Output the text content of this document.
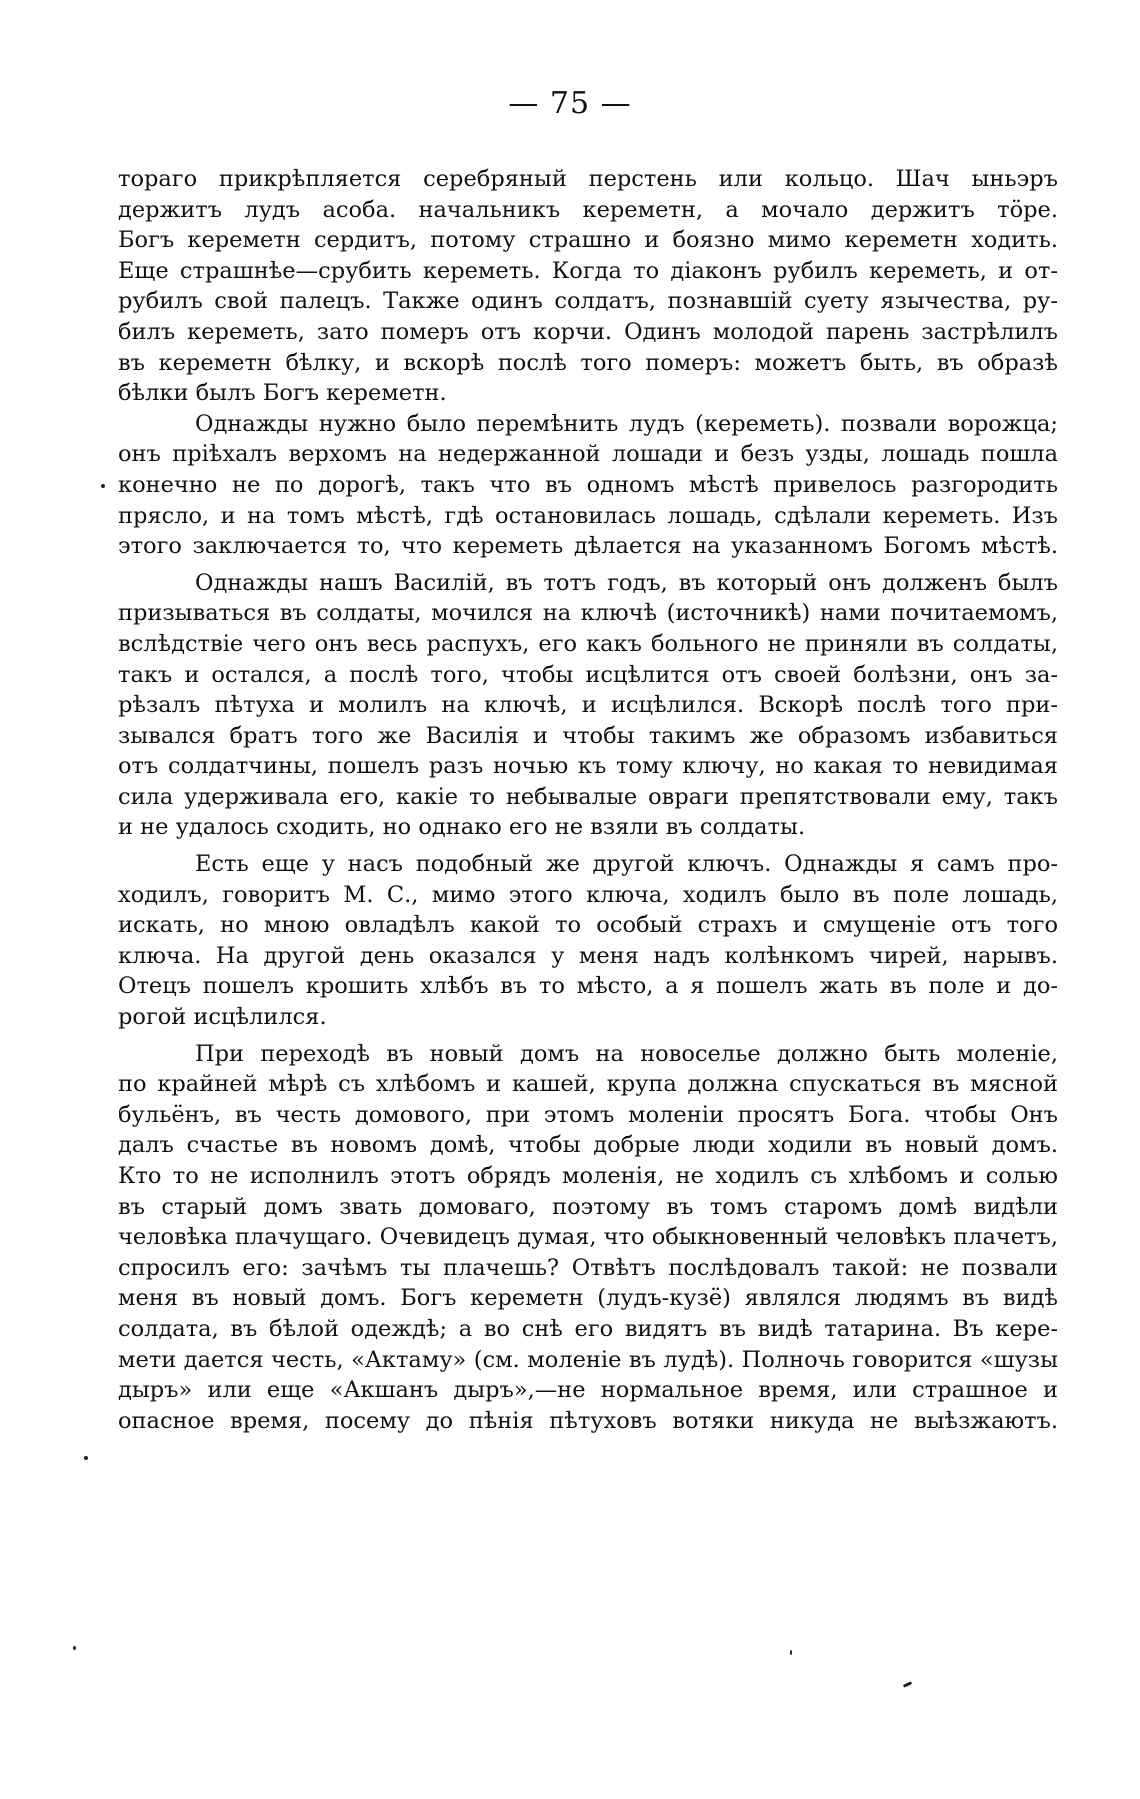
— 75 —
тораго прикрѣпляется серебряный перстень или кольцо. Шач ыньэръ
держитъ лудъ асоба. начальникъ кереметн, а мочало держитъ тӧре.
Богъ кереметн сердитъ, потому страшно и боязно мимо кереметн ходить.
Еще страшнѣе—срубить кереметь. Когда то діаконъ рубилъ кереметь, и от-
рубилъ свой палецъ. Также одинъ солдатъ, познавшій суету язычества, ру-
билъ кереметь, зато померъ отъ корчи. Одинъ молодой парень застрѣлилъ
въ кереметн бѣлку, и вскорѣ послѣ того померъ: можетъ быть, въ образѣ
бѣлки былъ Богъ кереметн.
Однажды нужно было перемѣнить лудъ (кереметь). позвали ворожца;
онъ пріѣхалъ верхомъ на недержанной лошади и безъ узды, лошадь пошла
конечно не по дорогѣ, такъ что въ одномъ мѣстѣ привелось разгородить
прясло, и на томъ мѣстѣ, гдѣ остановилась лошадь, сдѣлали кереметь. Изъ
этого заключается то, что кереметь дѣлается на указанномъ Богомъ мѣстѣ.
Однажды нашъ Василій, въ тотъ годъ, въ который онъ долженъ былъ
призываться въ солдаты, мочился на ключѣ (источникѣ) нами почитаемомъ,
вслѣдствіе чего онъ весь распухъ, его какъ больного не приняли въ солдаты,
такъ и остался, а послѣ того, чтобы исцѣлится отъ своей болѣзни, онъ за-
рѣзалъ пѣтуха и молилъ на ключѣ, и исцѣлился. Вскорѣ послѣ того при-
зывался братъ того же Василія и чтобы такимъ же образомъ избавиться
отъ солдатчины, пошелъ разъ ночью къ тому ключу, но какая то невидимая
сила удерживала его, какіе то небывалые овраги препятствовали ему, такъ
и не удалось сходить, но однако его не взяли въ солдаты.
Есть еще у насъ подобный же другой ключъ. Однажды я самъ про-
ходилъ, говоритъ М. С., мимо этого ключа, ходилъ было въ поле лошадь,
искать, но мною овладѣлъ какой то особый страхъ и смущеніе отъ того
ключа. На другой день оказался у меня надъ колѣнкомъ чирей, нарывъ.
Отецъ пошелъ крошить хлѣбъ въ то мѣсто, а я пошелъ жать въ поле и до-
рогой исцѣлился.
При переходѣ въ новый домъ на новоселье должно быть моленіе,
по крайней мѣрѣ съ хлѣбомъ и кашей, крупа должна спускаться въ мясной
бульёнъ, въ честь домового, при этомъ моленіи просятъ Бога. чтобы Онъ
далъ счастье въ новомъ домѣ, чтобы добрые люди ходили въ новый домъ.
Кто то не исполнилъ этотъ обрядъ моленія, не ходилъ съ хлѣбомъ и солью
въ старый домъ звать домоваго, поэтому въ томъ старомъ домѣ видѣли
человѣка плачущаго. Очевидецъ думая, что обыкновенный человѣкъ плачетъ,
спросилъ его: зачѣмъ ты плачешь? Отвѣтъ послѣдовалъ такой: не позвали
меня въ новый домъ. Богъ кереметн (лудъ-кузё) являлся людямъ въ видѣ
солдата, въ бѣлой одеждѣ; а во снѣ его видятъ въ видѣ татарина. Въ кере-
мети дается честь, «Актаму» (см. моленіе въ лудѣ). Полночь говорится «шузы
дыръ» или еще «Акшанъ дыръ»,—не нормальное время, или страшное и
опасное время, посему до пѣнія пѣтуховъ вотяки никуда не выѣзжаютъ.
